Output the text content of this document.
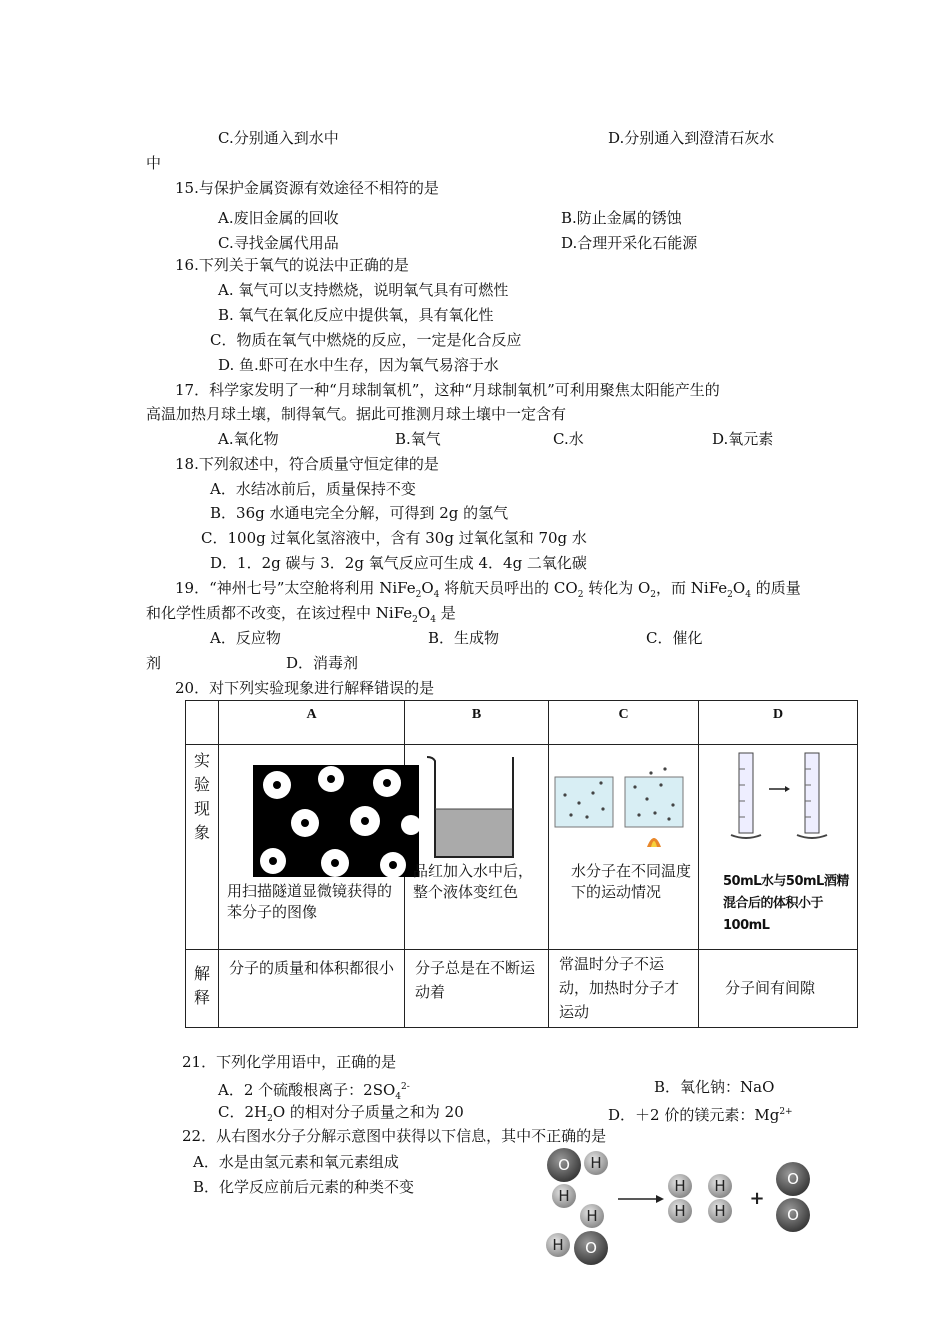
C.分别通入到水中	D.分别通入到澄清石灰水
中
15.与保护金属资源有效途径不相符的是
A.废旧金属的回收	B.防止金属的锈蚀
C.寻找金属代用品	D.合理开采化石能源
16.下列关于氧气的说法中正确的是
A. 氧气可以支持燃烧，说明氧气具有可燃性
B. 氧气在氧化反应中提供氧，具有氧化性
C．物质在氧气中燃烧的反应，一定是化合反应
D. 鱼.虾可在水中生存，因为氧气易溶于水
17．科学家发明了一种“月球制氧机”，这种“月球制氧机”可利用聚焦太阳能产生的
高温加热月球土壤，制得氧气。据此可推测月球土壤中一定含有
A.氧化物	B.氧气	C.水	D.氧元素
18.下列叙述中，符合质量守恒定律的是
A．水结冰前后，质量保持不变
B．36g 水通电完全分解，可得到 2g 的氢气
C．100g 过氧化氢溶液中，含有 30g 过氧化氢和 70g 水
D．1．2g 碳与 3．2g 氧气反应可生成 4．4g 二氧化碳
19．“神州七号”太空舱将利用 $NiFe_2O_4$ 将航天员呼出的 $CO_2$ 转化为 $O_2$，而 $NiFe_2O_4$ 的质量
和化学性质都不改变，在该过程中 $NiFe_2O_4$ 是
A．反应物	B．生成物	C．催化
剂	D．消毒剂
20．对下列实验现象进行解释错误的是
	A	B	C	D

实
验
现
象	用扫描隧道显微镜获得的苯分子的图像	品红加入水中后，整个液体变红色	水分子在不同温度下的运动情况	50mL水与50mL酒精混合后的体积小于100mL

解
释	分子的质量和体积都很小	分子总是在不断运动着	常温时分子不运动，加热时分子才运动	分子间有间隙
21．下列化学用语中，正确的是
A．2 个硫酸根离子：$2SO_4^{2-}$	B．氧化钠：NaO
C．$2H_2O$ 的相对分子质量之和为 20	D．＋2 价的镁元素：$Mg^{2+}$
22．从右图水分子分解示意图中获得以下信息，其中不正确的是
A．水是由氢元素和氧元素组成
B．化学反应前后元素的种类不变
O H
H
H
H O
H
H
H
H
+
O
O
